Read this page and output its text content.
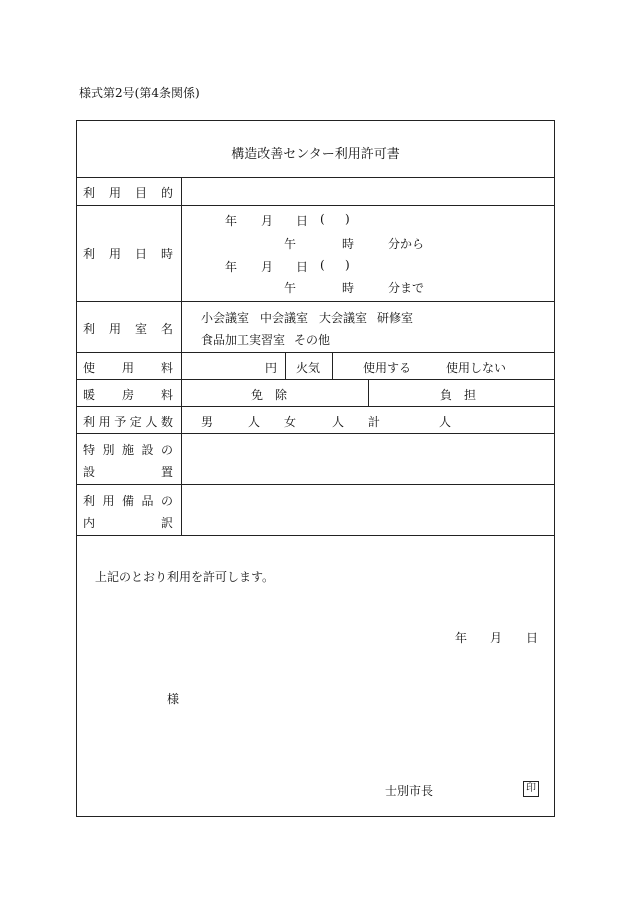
様式第2号(第4条関係)
構造改善センター利用許可書
利 用 目 的
利 用 日 時
年 月 日 ( )
午	時	分から
年 月 日 ( )
午	時	分まで
利 用 室 名
小会議室 中会議室 大会議室 研修室
食品加工実習室 その他
使 用 料	円 火気	使用する	使用しない
暖 房 料	免　除	負　担
利 用 予 定 人 数 男	人 女	人 計	人
特 別 施 設 の
設	置
利 用 備 品 の
内	訳
上記のとおり利用を許可します。
年 月 日
様
士別市長	印
